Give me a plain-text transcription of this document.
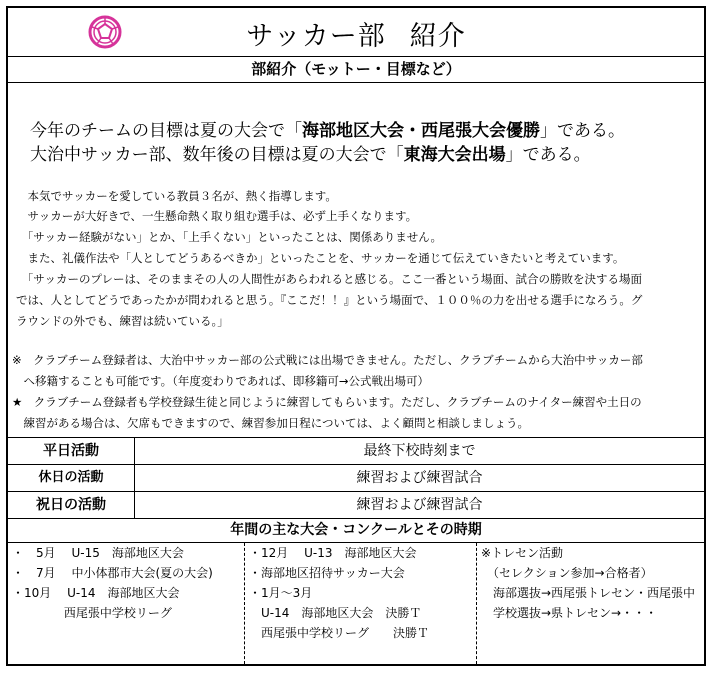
サッカー部 紹介
部紹介（モットー・目標など）
今年のチームの目標は夏の大会で「海部地区大会・西尾張大会優勝」である。
大治中サッカー部、数年後の目標は夏の大会で「東海大会出場」である。
　本気でサッカーを愛している教員３名が、熱く指導します。
　サッカーが大好きで、一生懸命熱く取り組む選手は、必ず上手くなります。
　「サッカー経験がない」とか、「上手くない」といったことは、関係ありません。
　また、礼儀作法や「人としてどうあるべきか」といったことを、サッカーを通じて伝えていきたいと考えています。
　「サッカーのプレーは、そのままその人の人間性があらわれると感じる。ここ一番という場面、試合の勝敗を決する場面
では、人としてどうであったかが問われると思う。『ここだ！！』という場面で、１００％の力を出せる選手になろう。グ
ラウンドの外でも、練習は続いている。」
※　クラブチーム登録者は、大治中サッカー部の公式戦には出場できません。ただし、クラブチームから大治中サッカー部
　へ移籍することも可能です。（年度変わりであれば、即移籍可→公式戦出場可）
★　クラブチーム登録者も学校登録生徒と同じように練習してもらいます。ただし、クラブチームのナイター練習や土日の
　練習がある場合は、欠席もできますので、練習参加日程については、よく顧問と相談しましょう。
平日活動	最終下校時刻まで
休日の活動	練習および練習試合
祝日の活動	練習および練習試合
年間の主な大会・コンクールとその時期
・　5月　 U-15　海部地区大会
・　7月　 中小体郡市大会(夏の大会)
・10月　 U-14　海部地区大会
　　　　 西尾張中学校リーグ
・12月　 U-13　海部地区大会
・海部地区招待サッカー大会
・1月～3月
　U-14　海部地区大会　決勝Ｔ
　西尾張中学校リーグ　　決勝Ｔ
※トレセン活動
　（セレクション参加→合格者）
　海部選抜→西尾張トレセン・西尾張中
　学校選抜→県トレセン→・・・
